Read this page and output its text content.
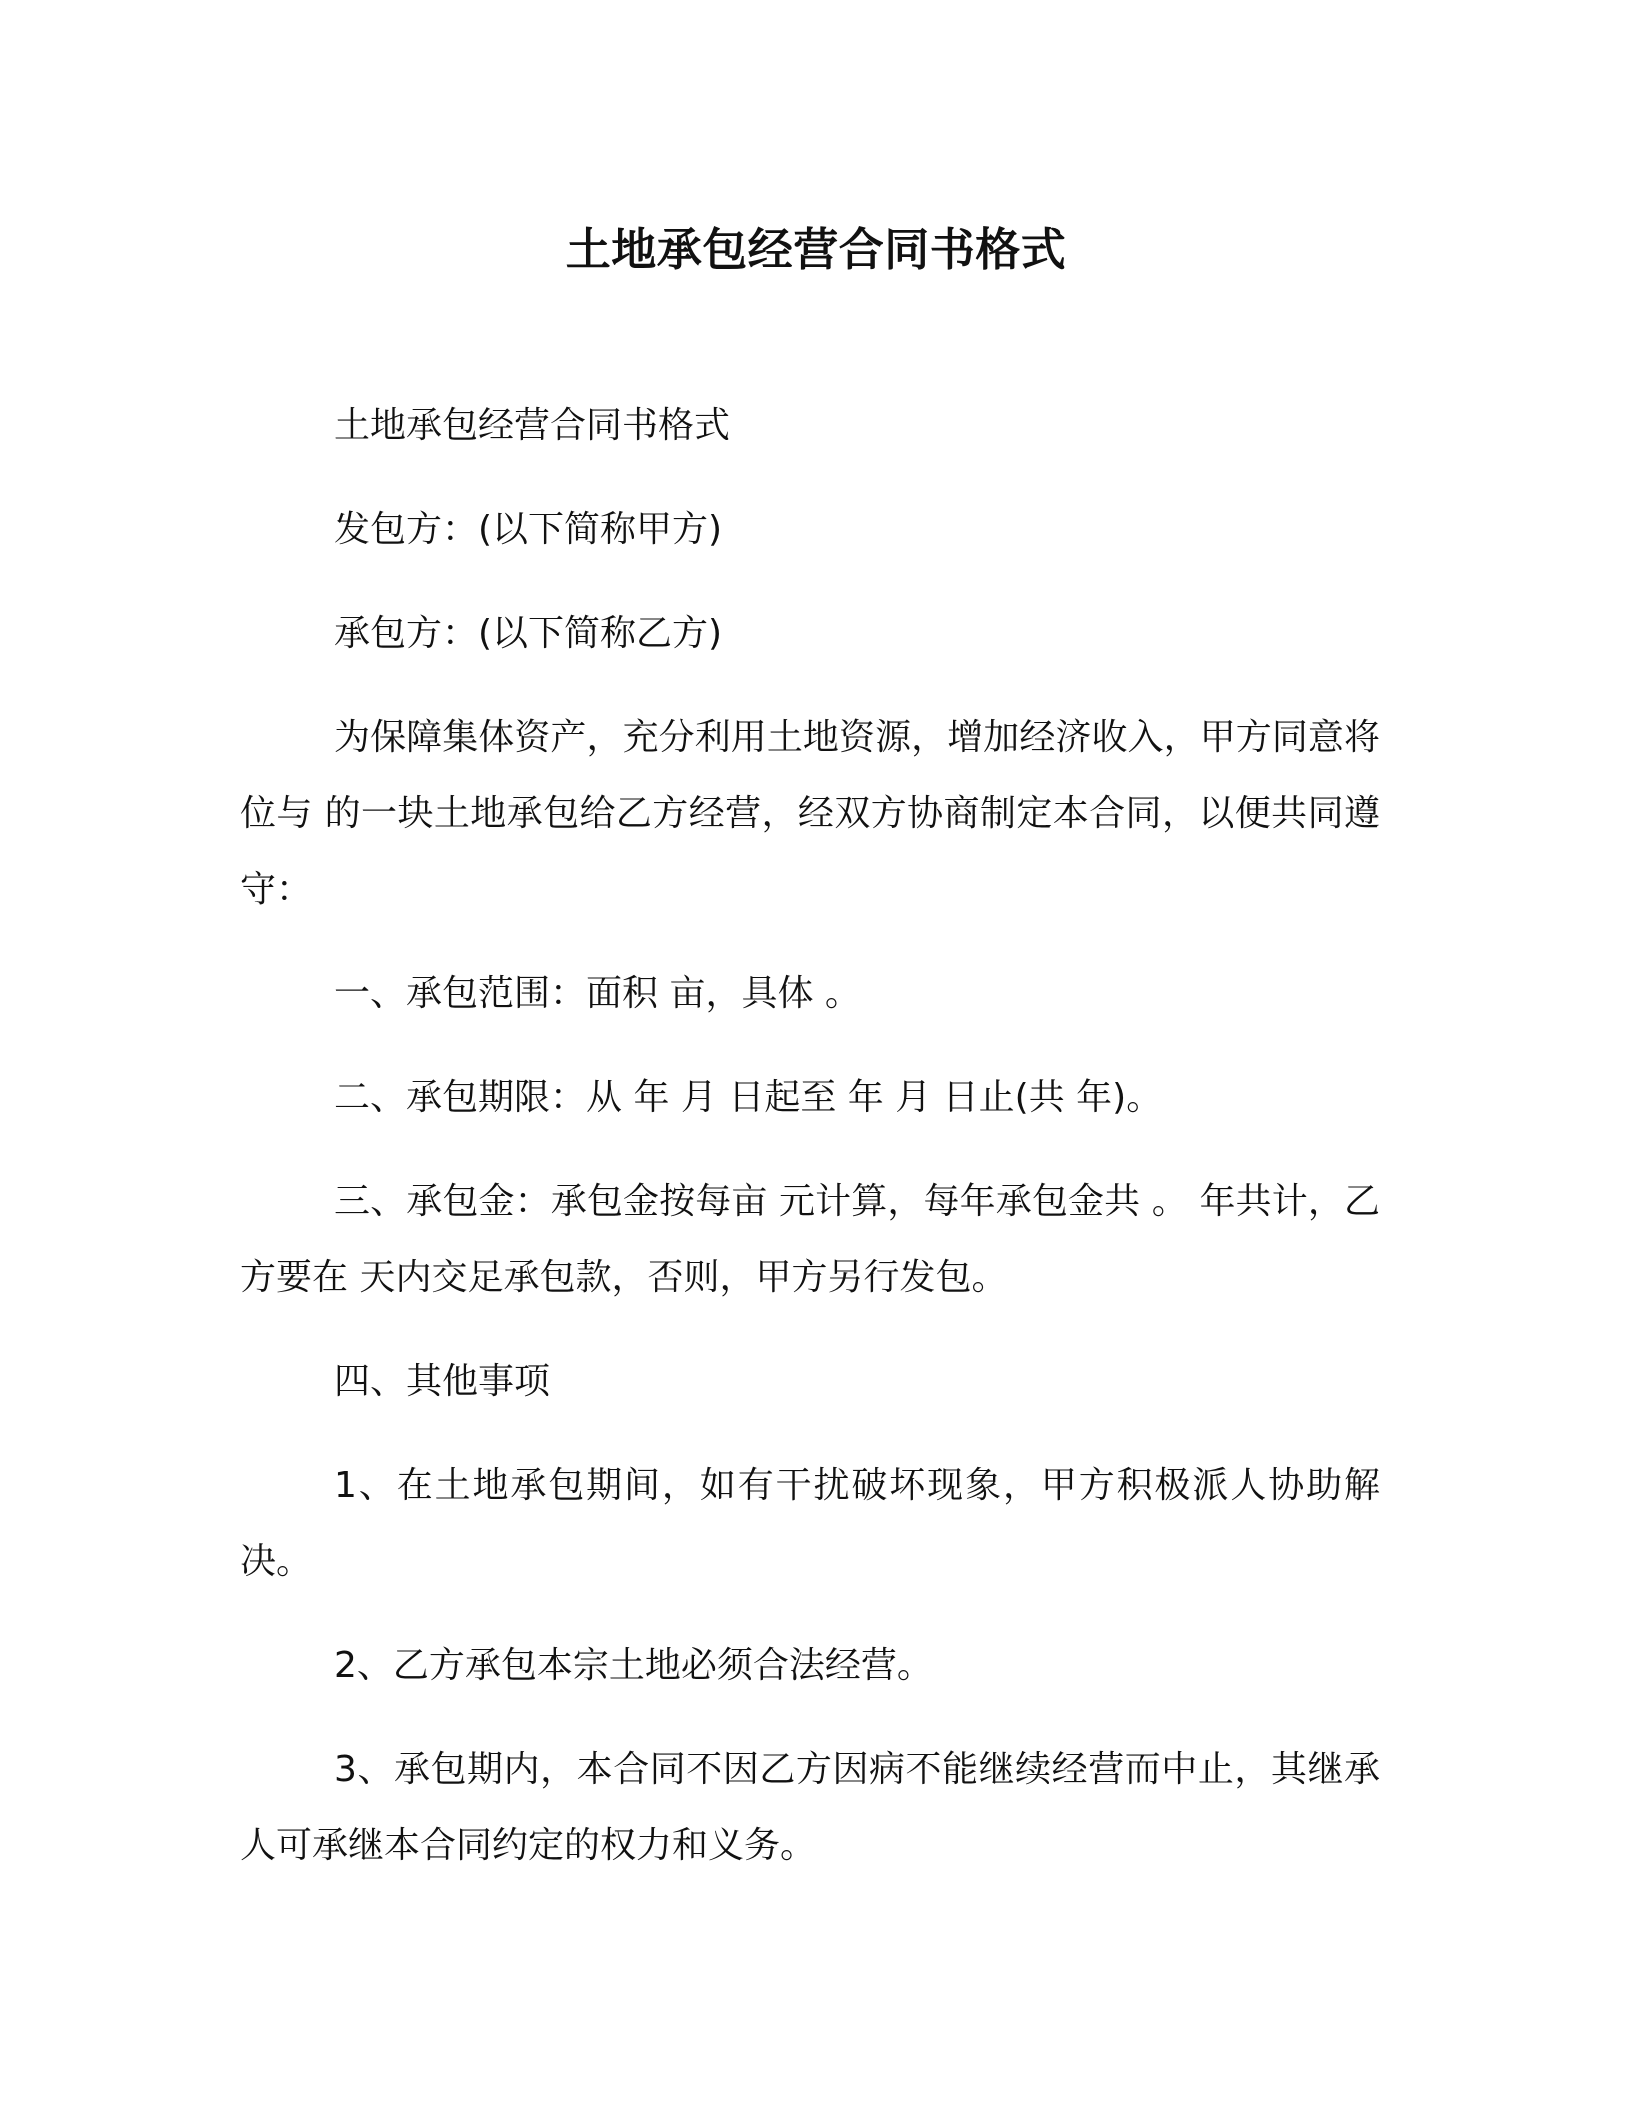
土地承包经营合同书格式

土地承包经营合同书格式

发包方：(以下简称甲方)

承包方：(以下简称乙方)

为保障集体资产，充分利用土地资源，增加经济收入，甲方同意将位与 的一块土地承包给乙方经营，经双方协商制定本合同，以便共同遵守：

一、承包范围：面积 亩，具体 。

二、承包期限：从 年 月 日起至 年 月 日止(共 年)。

三、承包金：承包金按每亩 元计算，每年承包金共 。 年共计，乙方要在 天内交足承包款，否则，甲方另行发包。

四、其他事项

1、在土地承包期间，如有干扰破坏现象，甲方积极派人协助解决。

2、乙方承包本宗土地必须合法经营。

3、承包期内，本合同不因乙方因病不能继续经营而中止，其继承人可承继本合同约定的权力和义务。
